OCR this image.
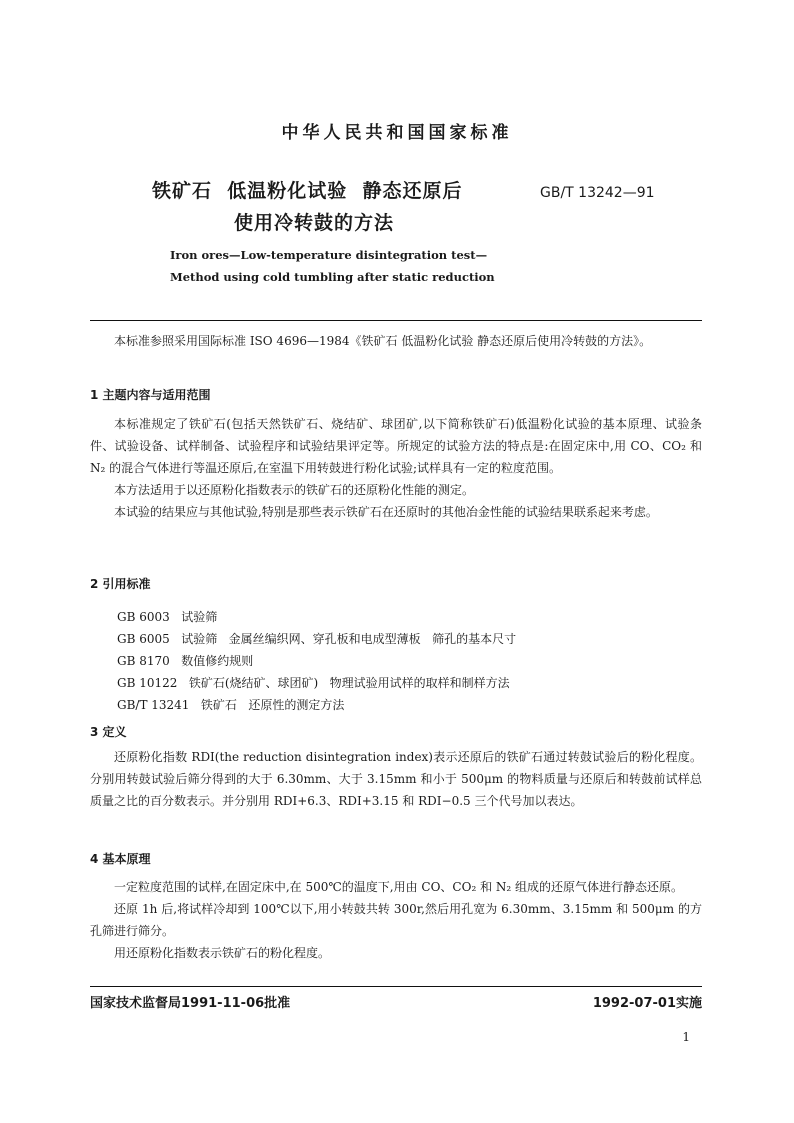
中华人民共和国国家标准
铁矿石  低温粉化试验  静态还原后
使用冷转鼓的方法
GB/T 13242—91
Iron ores—Low-temperature disintegration test—
Method using cold tumbling after static reduction

本标准参照采用国际标准 ISO 4696—1984《铁矿石 低温粉化试验 静态还原后使用冷转鼓的方法》。

1 主题内容与适用范围

本标准规定了铁矿石(包括天然铁矿石、烧结矿、球团矿,以下简称铁矿石)低温粉化试验的基本原理、试验条件、试验设备、试样制备、试验程序和试验结果评定等。所规定的试验方法的特点是:在固定床中,用 CO、CO₂ 和 N₂ 的混合气体进行等温还原后,在室温下用转鼓进行粉化试验;试样具有一定的粒度范围。

本方法适用于以还原粉化指数表示的铁矿石的还原粉化性能的测定。

本试验的结果应与其他试验,特别是那些表示铁矿石在还原时的其他冶金性能的试验结果联系起来考虑。

2 引用标准
GB 6003   试验筛
GB 6005   试验筛   金属丝编织网、穿孔板和电成型薄板   筛孔的基本尺寸
GB 8170   数值修约规则
GB 10122   铁矿石(烧结矿、球团矿)   物理试验用试样的取样和制样方法
GB/T 13241   铁矿石   还原性的测定方法
3 定义

还原粉化指数 RDI(the reduction disintegration index)表示还原后的铁矿石通过转鼓试验后的粉化程度。分别用转鼓试验后筛分得到的大于 6.30mm、大于 3.15mm 和小于 500μm 的物料质量与还原后和转鼓前试样总质量之比的百分数表示。并分别用 RDI+6.3、RDI+3.15 和 RDI−0.5 三个代号加以表达。

4 基本原理

一定粒度范围的试样,在固定床中,在 500℃的温度下,用由 CO、CO₂ 和 N₂ 组成的还原气体进行静态还原。

还原 1h 后,将试样冷却到 100℃以下,用小转鼓共转 300r,然后用孔宽为 6.30mm、3.15mm 和 500μm 的方孔筛进行筛分。

用还原粉化指数表示铁矿石的粉化程度。

国家技术监督局1991-11-06批准	1992-07-01实施
1
